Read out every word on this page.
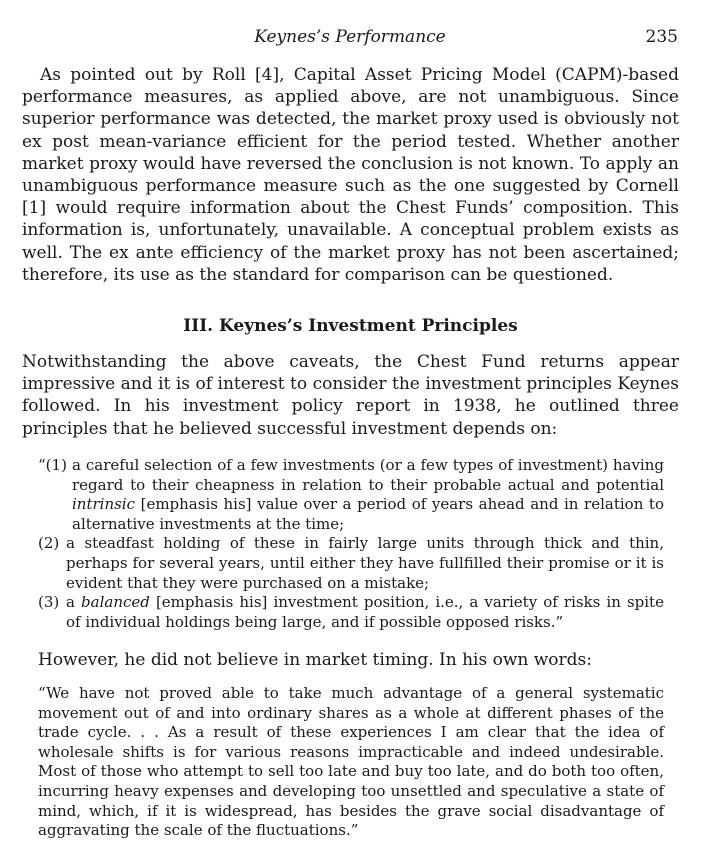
Keynes’s Performance	235

As pointed out by Roll [4], Capital Asset Pricing Model (CAPM)-based performance measures, as applied above, are not unambiguous. Since superior performance was detected, the market proxy used is obviously not ex post mean-variance efficient for the period tested. Whether another market proxy would have reversed the conclusion is not known. To apply an unambiguous performance measure such as the one suggested by Cornell [1] would require information about the Chest Funds’ composition. This information is, unfortunately, unavailable. A conceptual problem exists as well. The ex ante efficiency of the market proxy has not been ascertained; therefore, its use as the standard for comparison can be questioned.

III. Keynes’s Investment Principles

Notwithstanding the above caveats, the Chest Fund returns appear impressive and it is of interest to consider the investment principles Keynes followed. In his investment policy report in 1938, he outlined three principles that he believed successful investment depends on:

“(1) a careful selection of a few investments (or a few types of investment) having regard to their cheapness in relation to their probable actual and potential intrinsic [emphasis his] value over a period of years ahead and in relation to alternative investments at the time;
(2) a steadfast holding of these in fairly large units through thick and thin, perhaps for several years, until either they have fullfilled their promise or it is evident that they were purchased on a mistake;
(3) a balanced [emphasis his] investment position, i.e., a variety of risks in spite of individual holdings being large, and if possible opposed risks.”

However, he did not believe in market timing. In his own words:

“We have not proved able to take much advantage of a general systematic movement out of and into ordinary shares as a whole at different phases of the trade cycle. . . As a result of these experiences I am clear that the idea of wholesale shifts is for various reasons impracticable and indeed undesirable. Most of those who attempt to sell too late and buy too late, and do both too often, incurring heavy expenses and developing too unsettled and speculative a state of mind, which, if it is widespread, has besides the grave social disadvantage of aggravating the scale of the fluctuations.”
